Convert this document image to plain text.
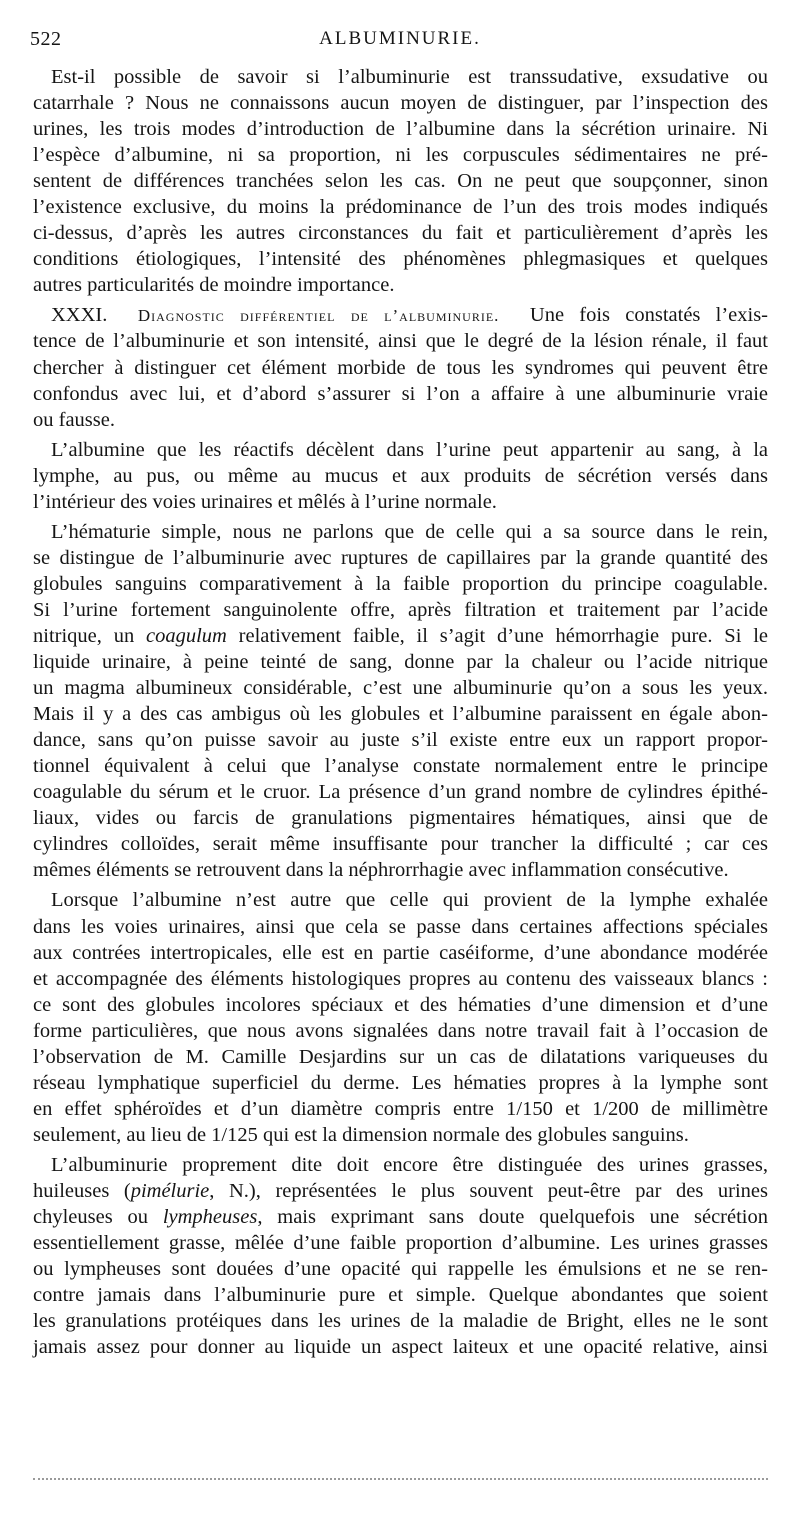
522	ALBUMINURIE.
Est-il possible de savoir si l’albuminurie est transsudative, exsudative ou
catarrhale ? Nous ne connaissons aucun moyen de distinguer, par l’inspection des
urines, les trois modes d’introduction de l’albumine dans la sécrétion urinaire. Ni
l’espèce d’albumine, ni sa proportion, ni les corpuscules sédimentaires ne pré-
sentent de différences tranchées selon les cas. On ne peut que soupçonner, sinon
l’existence exclusive, du moins la prédominance de l’un des trois modes indiqués
ci-dessus, d’après les autres circonstances du fait et particulièrement d’après les
conditions étiologiques, l’intensité des phénomènes phlegmasiques et quelques
autres particularités de moindre importance.
XXXI. Diagnostic différentiel de l’albuminurie. Une fois constatés l’exis-
tence de l’albuminurie et son intensité, ainsi que le degré de la lésion rénale, il faut
chercher à distinguer cet élément morbide de tous les syndromes qui peuvent être
confondus avec lui, et d’abord s’assurer si l’on a affaire à une albuminurie vraie
ou fausse.
L’albumine que les réactifs décèlent dans l’urine peut appartenir au sang, à la
lymphe, au pus, ou même au mucus et aux produits de sécrétion versés dans
l’intérieur des voies urinaires et mêlés à l’urine normale.
L’hématurie simple, nous ne parlons que de celle qui a sa source dans le rein,
se distingue de l’albuminurie avec ruptures de capillaires par la grande quantité des
globules sanguins comparativement à la faible proportion du principe coagulable.
Si l’urine fortement sanguinolente offre, après filtration et traitement par l’acide
nitrique, un coagulum relativement faible, il s’agit d’une hémorrhagie pure. Si le
liquide urinaire, à peine teinté de sang, donne par la chaleur ou l’acide nitrique
un magma albumineux considérable, c’est une albuminurie qu’on a sous les yeux.
Mais il y a des cas ambigus où les globules et l’albumine paraissent en égale abon-
dance, sans qu’on puisse savoir au juste s’il existe entre eux un rapport propor-
tionnel équivalent à celui que l’analyse constate normalement entre le principe
coagulable du sérum et le cruor. La présence d’un grand nombre de cylindres épithé-
liaux, vides ou farcis de granulations pigmentaires hématiques, ainsi que de
cylindres colloïdes, serait même insuffisante pour trancher la difficulté ; car ces
mêmes éléments se retrouvent dans la néphrorrhagie avec inflammation consécutive.
Lorsque l’albumine n’est autre que celle qui provient de la lymphe exhalée
dans les voies urinaires, ainsi que cela se passe dans certaines affections spéciales
aux contrées intertropicales, elle est en partie caséiforme, d’une abondance modérée
et accompagnée des éléments histologiques propres au contenu des vaisseaux blancs :
ce sont des globules incolores spéciaux et des hématies d’une dimension et d’une
forme particulières, que nous avons signalées dans notre travail fait à l’occasion de
l’observation de M. Camille Desjardins sur un cas de dilatations variqueuses du
réseau lymphatique superficiel du derme. Les hématies propres à la lymphe sont
en effet sphéroïdes et d’un diamètre compris entre 1/150 et 1/200 de millimètre
seulement, au lieu de 1/125 qui est la dimension normale des globules sanguins.
L’albuminurie proprement dite doit encore être distinguée des urines grasses,
huileuses (pimélurie, N.), représentées le plus souvent peut-être par des urines
chyleuses ou lympheuses, mais exprimant sans doute quelquefois une sécrétion
essentiellement grasse, mêlée d’une faible proportion d’albumine. Les urines grasses
ou lympheuses sont douées d’une opacité qui rappelle les émulsions et ne se ren-
contre jamais dans l’albuminurie pure et simple. Quelque abondantes que soient
les granulations protéiques dans les urines de la maladie de Bright, elles ne le sont
jamais assez pour donner au liquide un aspect laiteux et une opacité relative, ainsi
